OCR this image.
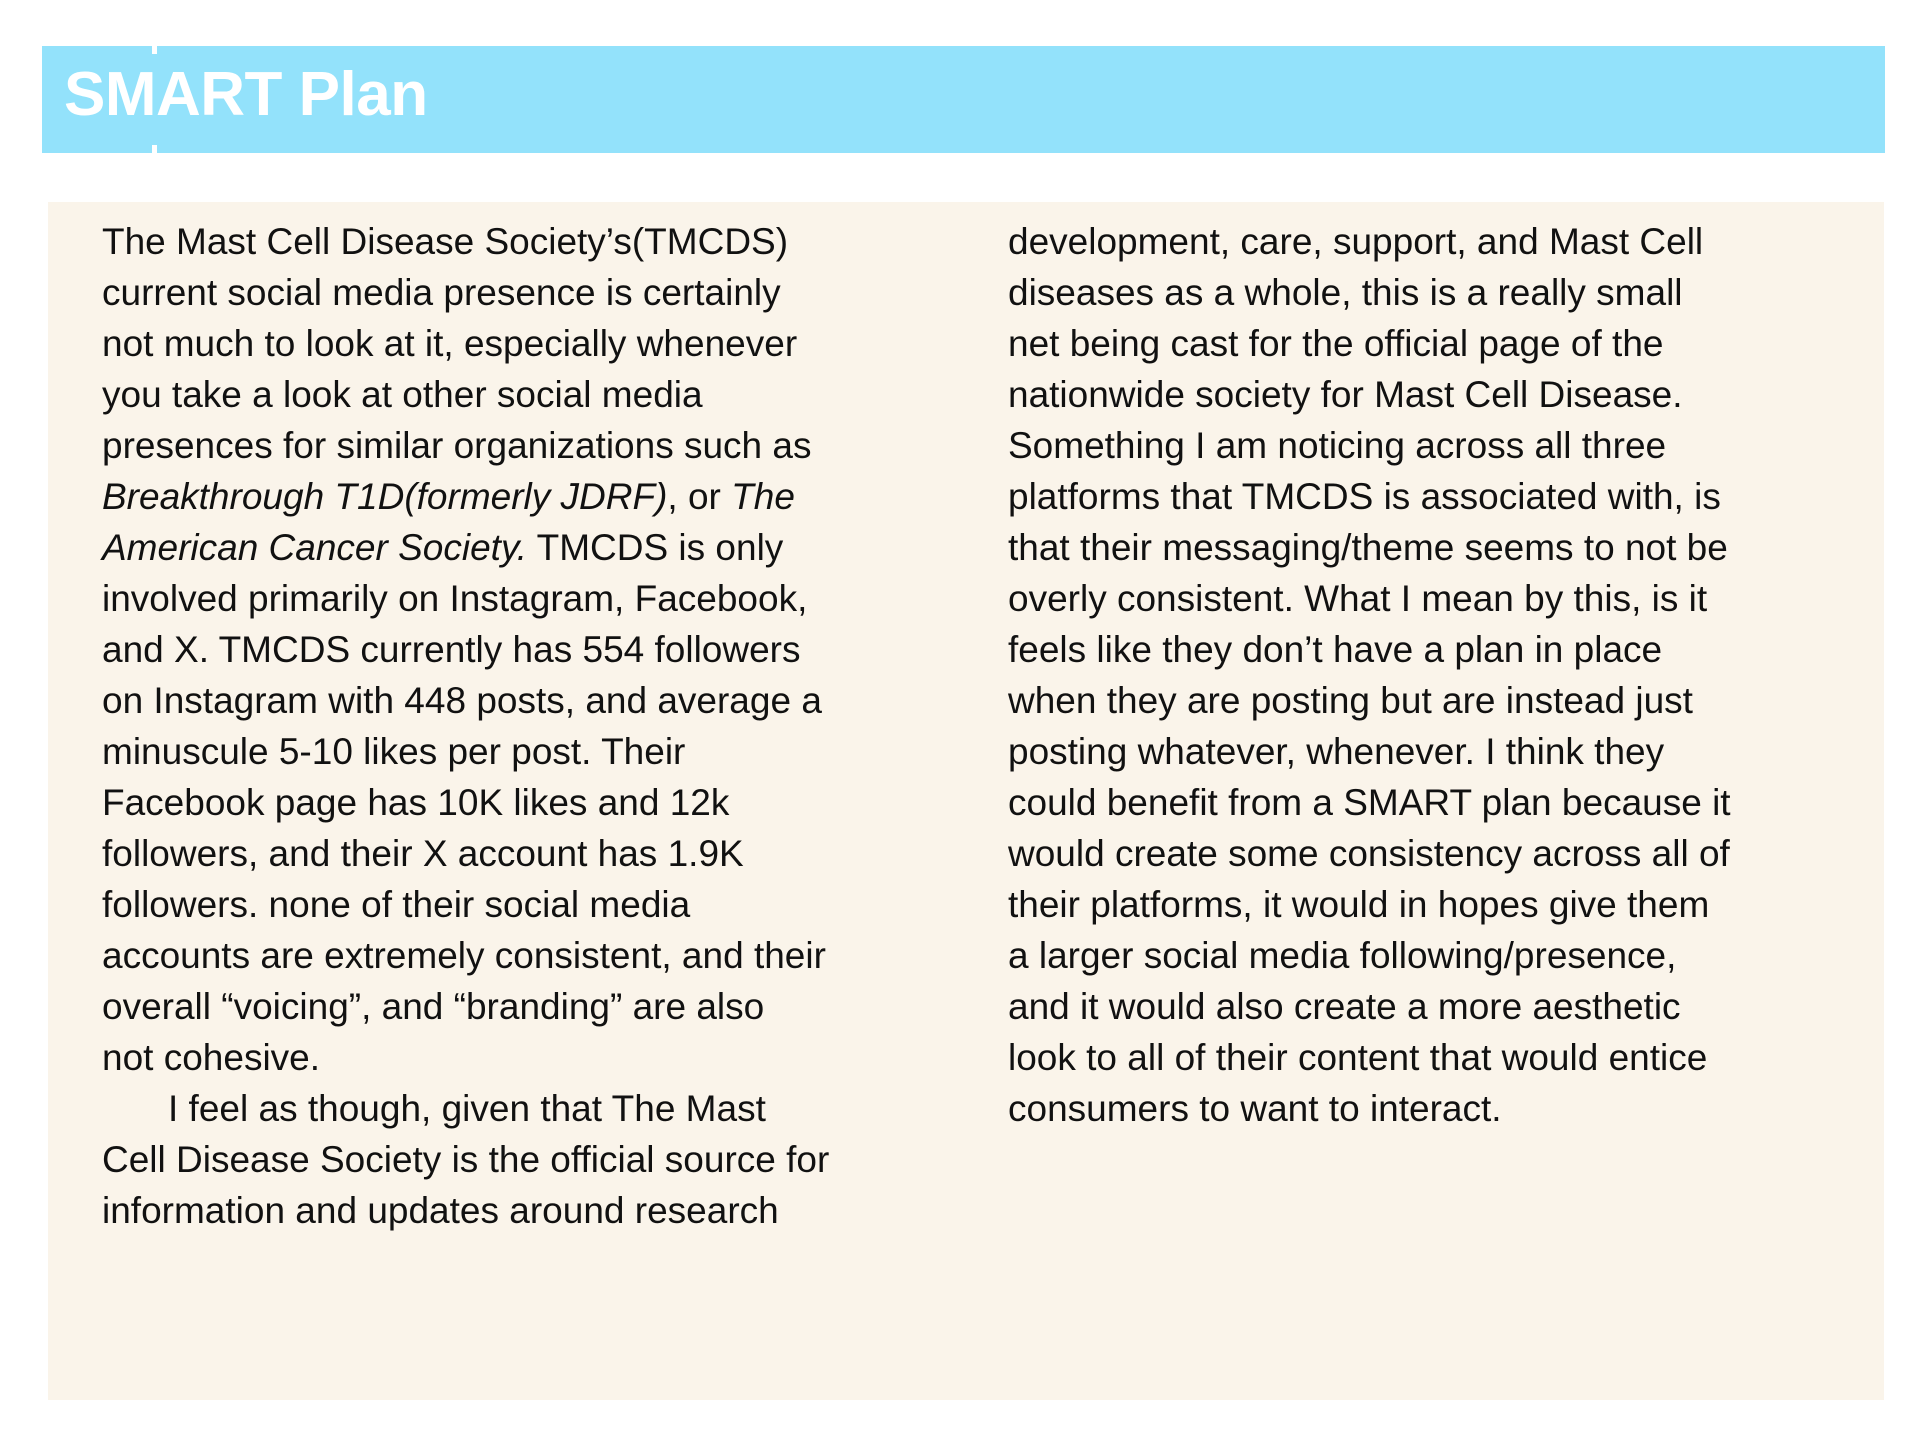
SMART Plan

The Mast Cell Disease Society’s(TMCDS)

current social media presence is certainly

not much to look at it, especially whenever

you take a look at other social media

presences for similar organizations such as

Breakthrough T1D(formerly JDRF), or The

American Cancer Society. TMCDS is only

involved primarily on Instagram, Facebook,

and X. TMCDS currently has 554 followers

on Instagram with 448 posts, and average a

minuscule 5-10 likes per post. Their

Facebook page has 10K likes and 12k

followers, and their X account has 1.9K

followers. none of their social media

accounts are extremely consistent, and their

overall “voicing”, and “branding” are also

not cohesive.

I feel as though, given that The Mast

Cell Disease Society is the official source for

information and updates around research

development, care, support, and Mast Cell

diseases as a whole, this is a really small

net being cast for the official page of the

nationwide society for Mast Cell Disease.

Something I am noticing across all three

platforms that TMCDS is associated with, is

that their messaging/theme seems to not be

overly consistent. What I mean by this, is it

feels like they don’t have a plan in place

when they are posting but are instead just

posting whatever, whenever. I think they

could benefit from a SMART plan because it

would create some consistency across all of

their platforms, it would in hopes give them

a larger social media following/presence,

and it would also create a more aesthetic

look to all of their content that would entice

consumers to want to interact.
